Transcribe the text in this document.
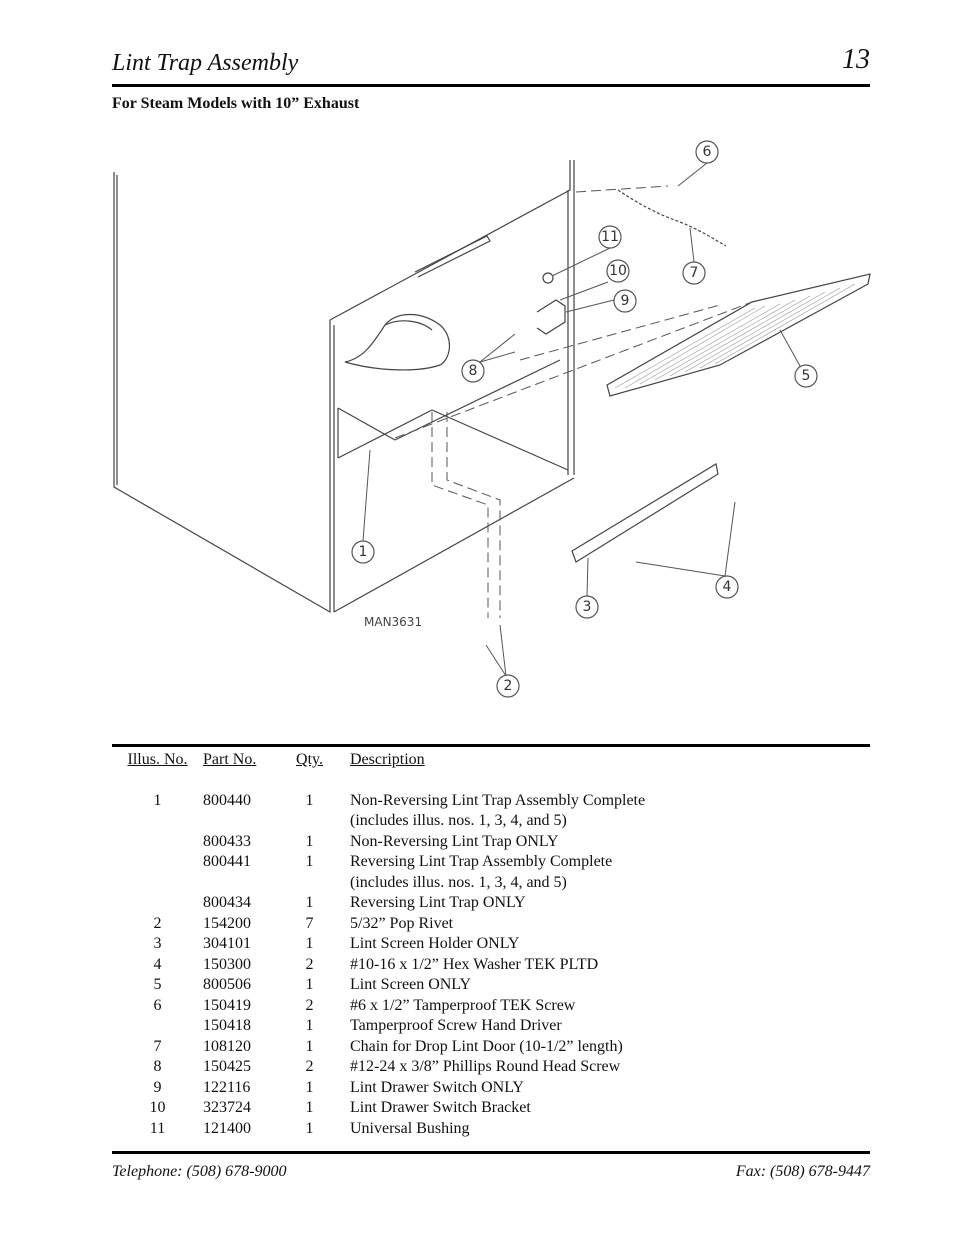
Lint Trap Assembly	13
For Steam Models with 10” Exhaust
6
7
11
10
9
8	5
1
3
4
2
MAN3631
Illus. No.	Part No.	Qty.	Description
1	800440	1	Non-Reversing Lint Trap Assembly Complete
			(includes illus. nos. 1, 3, 4, and 5)
	800433	1	Non-Reversing Lint Trap ONLY
	800441	1	Reversing Lint Trap Assembly Complete
			(includes illus. nos. 1, 3, 4, and 5)
	800434	1	Reversing Lint Trap ONLY
2	154200	7	5/32” Pop Rivet
3	304101	1	Lint Screen Holder ONLY
4	150300	2	#10-16 x 1/2” Hex Washer TEK PLTD
5	800506	1	Lint Screen ONLY
6	150419	2	#6 x 1/2” Tamperproof TEK Screw
	150418	1	Tamperproof Screw Hand Driver
7	108120	1	Chain for Drop Lint Door (10-1/2” length)
8	150425	2	#12-24 x 3/8” Phillips Round Head Screw
9	122116	1	Lint Drawer Switch ONLY
10	323724	1	Lint Drawer Switch Bracket
11	121400	1	Universal Bushing
Telephone: (508) 678-9000	Fax: (508) 678-9447
